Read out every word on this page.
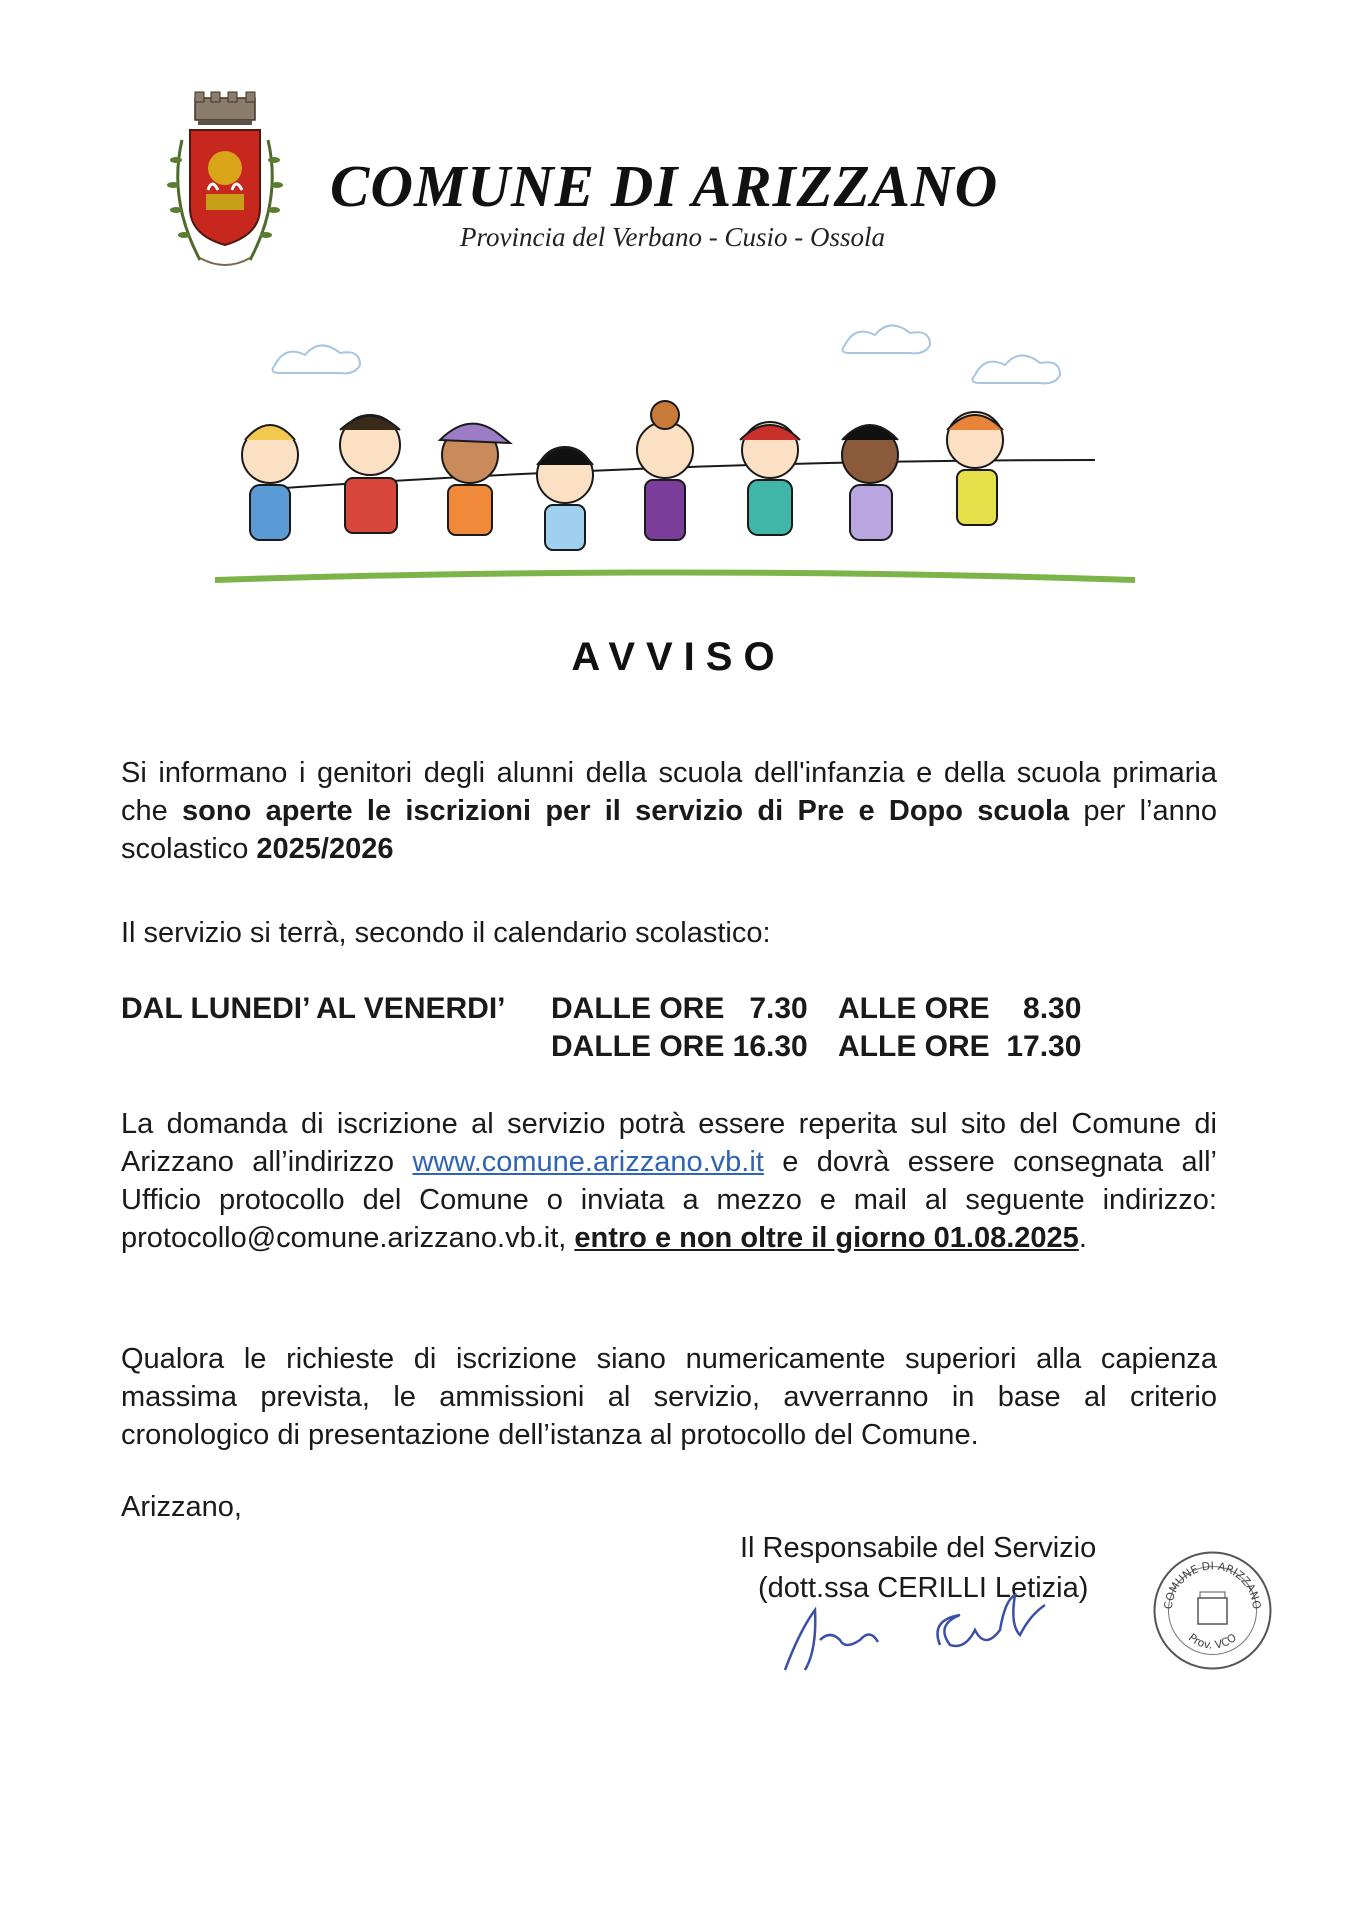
COMUNE DI ARIZZANO
Provincia del Verbano - Cusio - Ossola
AVVISO
Si informano i genitori degli alunni della scuola dell'infanzia e della scuola primaria che sono aperte le iscrizioni per il servizio di Pre e Dopo scuola per l’anno scolastico 2025/2026
Il servizio si terrà, secondo il calendario scolastico:
DAL LUNEDI’ AL VENERDI’ DALLE ORE   7.30 ALLE ORE    8.30
DALLE ORE 16.30 ALLE ORE  17.30
La domanda di iscrizione al servizio potrà essere reperita sul sito del Comune di Arizzano all’indirizzo www.comune.arizzano.vb.it e dovrà essere consegnata all’ Ufficio protocollo del Comune o inviata a mezzo e mail al seguente indirizzo: protocollo@comune.arizzano.vb.it, entro e non oltre il giorno 01.08.2025.
Qualora le richieste di iscrizione siano numericamente superiori alla capienza massima prevista, le ammissioni al servizio, avverranno in base al criterio cronologico di presentazione dell’istanza al protocollo del Comune.
Arizzano,
Il Responsabile del Servizio
(dott.ssa CERILLI Letizia)
COMUNE DI ARIZZANO
Prov. VCO
